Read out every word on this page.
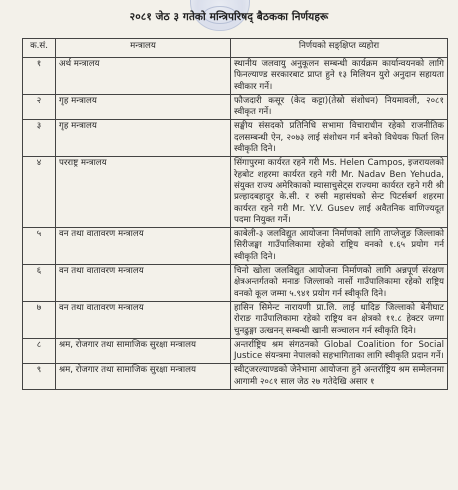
२०८१ जेठ ३ गतेको मन्त्रिपरिषद् बैठकका निर्णयहरू
क.सं.	मन्त्रालय	निर्णयको सङ्क्षिप्त व्यहोरा
१	अर्थ मन्त्रालय	स्थानीय जलवायु अनुकूलन सम्बन्धी कार्यक्रम कार्यान्वयनको लागि फिनल्याण्ड सरकारबाट प्राप्त हुने १३ मिलियन युरो अनुदान सहायता स्वीकार गर्ने।
२	गृह मन्त्रालय	फौजदारी कसूर (केद कट्टा)(तेस्रो संशोधन) नियमावली, २०८१ स्वीकृत गर्ने।
३	गृह मन्त्रालय	सङ्घीय संसदको प्रतिनिधि सभामा विचाराधीन रहेको राजनीतिक दलसम्बन्धी ऐन, २०७३ लाई संशोधन गर्न बनेको विधेयक फिर्ता लिन स्वीकृति दिने।
४	परराष्ट्र मन्त्रालय	सिंगापुरमा कार्यरत रहने गरी Ms. Helen Campos, इजरायलको रेहबोट शहरमा कार्यरत रहने गरी Mr. Nadav Ben Yehuda, संयुक्त राज्य अमेरिकाको म्यासाचुसेट्स राज्यमा कार्यरत रहने गरी श्री प्रल्हादबहादुर के.सी. र रुसी महासंघको सेन्ट पिटर्सबर्ग शहरमा कार्यरत रहने गरी Mr. Y.V. Gusev लाई अवैतनिक वाणिज्यदूत पदमा नियुक्त गर्ने।
५	वन तथा वातावरण मन्त्रालय	काबेली-३ जलविद्युत आयोजना निर्माणको लागि ताप्लेजुङ जिल्लाको सिरीजङ्घा गाउँपालिकामा रहेको राष्ट्रिय वनको १.६५ प्रयोग गर्न स्वीकृति दिने।
६	वन तथा वातावरण मन्त्रालय	चिनो खोला जलविद्युत आयोजना निर्माणको लागि अन्नपूर्ण संरक्षण क्षेत्रअन्तर्गतको मनाङ जिल्लाको नार्सो गाउँपालिकामा रहेको राष्ट्रिय वनको कूल जम्मा ५.९४१ प्रयोग गर्न स्वीकृति दिने।
७	वन तथा वातावरण मन्त्रालय	हासिन सिमेन्ट नारायणी प्रा.लि. लाई धादिङ जिल्लाको बेनीघाट रोराङ गाउँपालिकामा रहेको राष्ट्रिय वन क्षेत्रको ११.८ हेक्टर जग्गा चुनढुङ्गा उत्खनन् सम्बन्धी खानी सञ्चालन गर्न स्वीकृति दिने।
८	श्रम, रोजगार तथा सामाजिक सुरक्षा मन्त्रालय	अन्तर्राष्ट्रिय श्रम संगठनको Global Coalition for Social Justice संयन्त्रमा नेपालको सहभागिताका लागि स्वीकृति प्रदान गर्ने।
९	श्रम, रोजगार तथा सामाजिक सुरक्षा मन्त्रालय	स्वीट्जरल्याण्डको जेनेभामा आयोजना हुने अन्तर्राष्ट्रिय श्रम सम्मेलनमा आगामी २०८१ साल जेठ २७ गतेदेखि असार १
